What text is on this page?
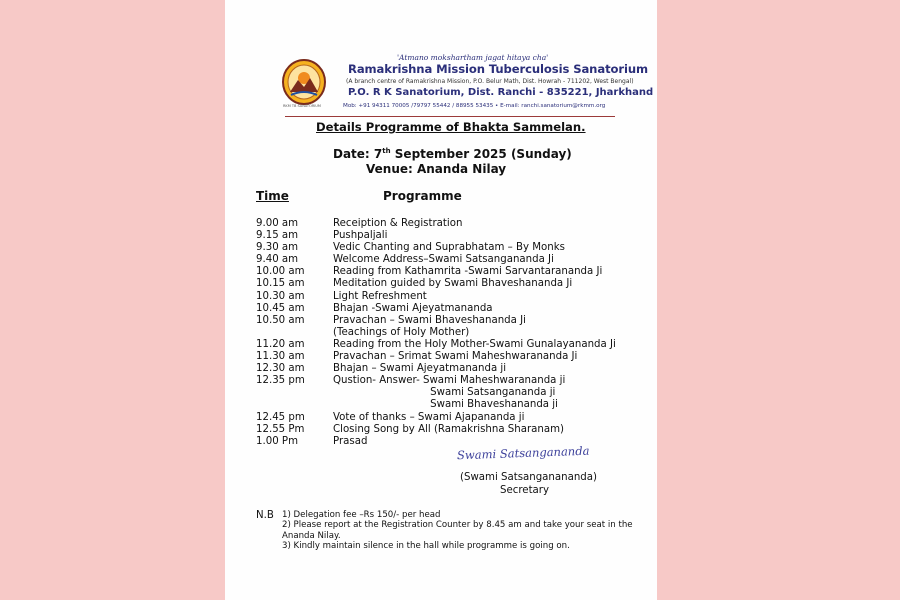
RKM TB SANATORIUM
'Atmano mokshartham jagat hitaya cha'
Ramakrishna Mission Tuberculosis Sanatorium
(A branch centre of Ramakrishna Mission, P.O. Belur Math, Dist. Howrah - 711202, West Bengal)
P.O. R K Sanatorium, Dist. Ranchi - 835221, Jharkhand
Mob: +91 94311 70005 /79797 55442 / 88955 53435 • E-mail: ranchi.sanatorium@rkmm.org
Details Programme of Bhakta Sammelan.
Date: 7th September 2025 (Sunday)
Venue: Ananda Nilay
Time	Programme
9.00 am	Receiption & Registration
9.15 am	Pushpaljali
9.30 am	Vedic Chanting and Suprabhatam – By Monks
9.40 am	Welcome Address–Swami Satsangananda Ji
10.00 am	Reading from Kathamrita -Swami Sarvantarananda Ji
10.15 am	Meditation guided by Swami Bhaveshananda Ji
10.30 am	Light Refreshment
10.45 am	Bhajan -Swami Ajeyatmananda
10.50 am	Pravachan – Swami Bhaveshananda Ji
(Teachings of Holy Mother)
11.20 am	Reading from the Holy Mother-Swami Gunalayananda Ji
11.30 am	Pravachan – Srimat Swami Maheshwarananda Ji
12.30 am	Bhajan – Swami Ajeyatmananda ji
12.35 pm	Qustion- Answer- Swami Maheshwarananda ji
Swami Satsangananda ji
Swami Bhaveshananda ji
12.45 pm	Vote of thanks – Swami Ajapananda ji
12.55 Pm	Closing Song by All (Ramakrishna Sharanam)
1.00 Pm	Prasad
Swami Satsangananda
(Swami Satsanganananda)
Secretary
N.B 1) Delegation fee –Rs 150/- per head
2) Please report at the Registration Counter by 8.45 am and take your seat in the Ananda Nilay.
3) Kindly maintain silence in the hall while programme is going on.
